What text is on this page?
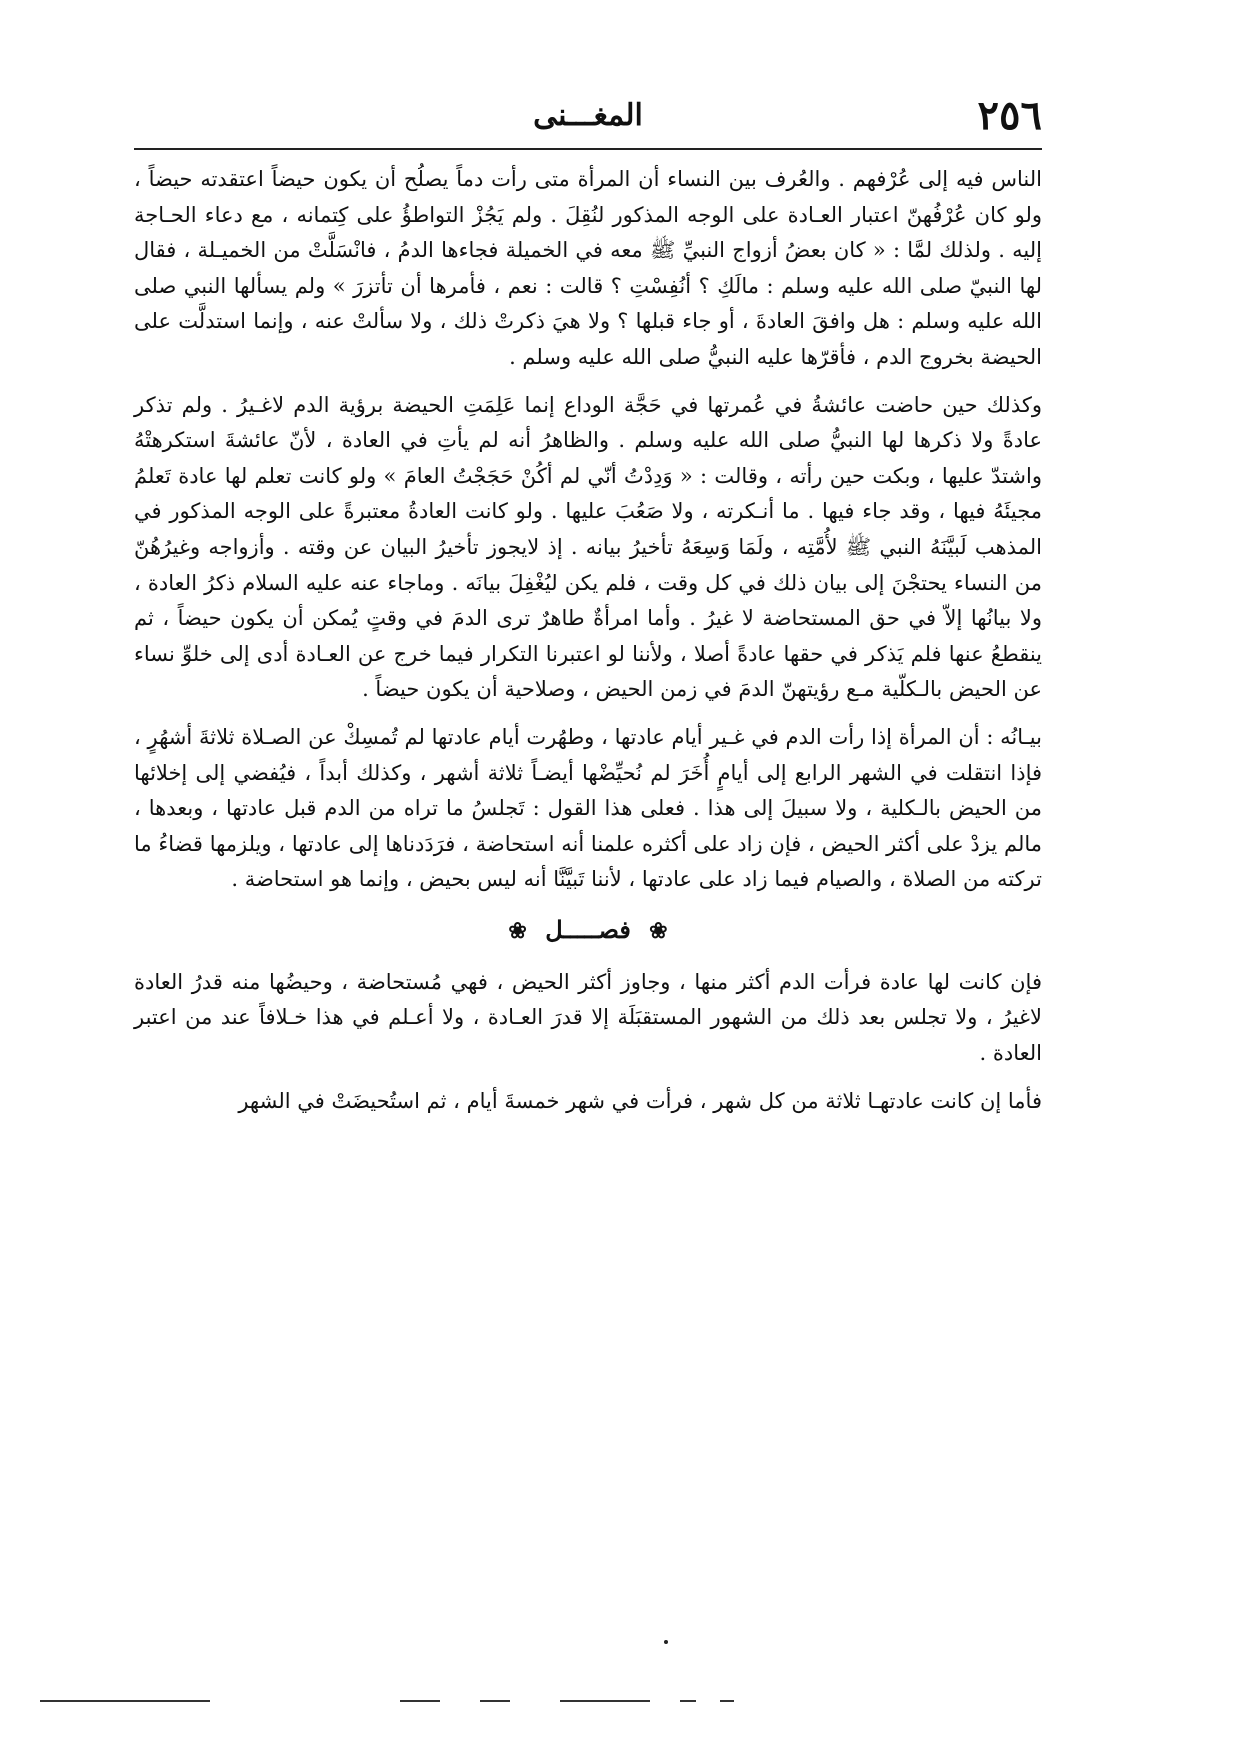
٢٥٦
المغـــنى

الناس فيه إلى عُرْفهم . والعُرف بين النساء أن المرأة متى رأت دماً يصلُح أن يكون حيضاً اعتقدته حيضاً ، ولو كان عُرْفُهنّ اعتبار العـادة على الوجه المذكور لنُقِلَ . ولم يَجُزْ التواطؤُ على كِتمانه ، مع دعاء الحـاجة إليه . ولذلك لمَّا : « كان بعضُ أزواج النبيِّ ﷺ معه في الخميلة فجاءها الدمُ ، فانْسَلَّتْ من الخميـلة ، فقال لها النبيّ صلى الله عليه وسلم : مالَكِ ؟ أنُفِسْتِ ؟ قالت : نعم ، فأمرها أن تأتزرَ » ولم يسألها النبي صلى الله عليه وسلم : هل وافقَ العادةَ ، أو جاء قبلها ؟ ولا هيَ ذكرتْ ذلك ، ولا سألتْ عنه ، وإنما استدلَّت على الحيضة بخروج الدم ، فأقرّها عليه النبيُّ صلى الله عليه وسلم .

وكذلك حين حاضت عائشةُ في عُمرتها في حَجَّة الوداع إنما عَلِمَتِ الحيضة برؤية الدم لاغـيرُ . ولم تذكر عادةً ولا ذكرها لها النبيُّ صلى الله عليه وسلم . والظاهرُ أنه لم يأتِ في العادة ، لأنّ عائشةَ استكرهتْهُ واشتدّ عليها ، وبكت حين رأته ، وقالت : « وَدِدْتُ أنّي لم أكُنْ حَجَجْتُ العامَ » ولو كانت تعلم لها عادة تَعلمُ مجيئَهُ فيها ، وقد جاء فيها . ما أنـكرته ، ولا صَعُبَ عليها . ولو كانت العادةُ معتبرةً على الوجه المذكور في المذهب لَبيَّنَهُ النبي ﷺ لأُمَّتِه ، ولَمَا وَسِعَهُ تأخيرُ بيانه . إذ لايجوز تأخيرُ البيان عن وقته . وأزواجه وغيرُهُنّ من النساء يحتجْنَ إلى بيان ذلك في كل وقت ، فلم يكن ليُغْفِلَ بيانَه . وماجاء عنه عليه السلام ذكرُ العادة ، ولا بيانُها إلاّ في حق المستحاضة لا غيرُ . وأما امرأةٌ طاهرٌ ترى الدمَ في وقتٍ يُمكن أن يكون حيضاً ، ثم ينقطعُ عنها فلم يَذكر في حقها عادةً أصلا ، ولأننا لو اعتبرنا التكرار فيما خرج عن العـادة أدى إلى خلوِّ نساء عن الحيض بالـكلّية مـع رؤيتهنّ الدمَ في زمن الحيض ، وصلاحية أن يكون حيضاً .

بيـانُه : أن المرأة إذا رأت الدم في غـير أيام عادتها ، وطهُرت أيام عادتها لم تُمسِكْ عن الصـلاة ثلاثةَ أشهُرٍ ، فإذا انتقلت في الشهر الرابع إلى أيامٍ أُخَرَ لم نُحيِّضْها أيضـاً ثلاثة أشهر ، وكذلك أبداً ، فيُفضي إلى إخلائها من الحيض بالـكلية ، ولا سبيلَ إلى هذا . فعلى هذا القول : تَجلسُ ما تراه من الدم قبل عادتها ، وبعدها ، مالم يزدْ على أكثر الحيض ، فإن زاد على أكثره علمنا أنه استحاضة ، فرَدَدناها إلى عادتها ، ويلزمها قضاءُ ما تركته من الصلاة ، والصيام فيما زاد على عادتها ، لأننا تَبيَّنَّا أنه ليس بحيض ، وإنما هو استحاضة .

❀ فصـــــل ❀

فإن كانت لها عادة فرأت الدم أكثر منها ، وجاوز أكثر الحيض ، فهي مُستحاضة ، وحيضُها منه قدرُ العادة لاغيرُ ، ولا تجلس بعد ذلك من الشهور المستقبَلَة إلا قدرَ العـادة ، ولا أعـلم في هذا خـلافاً عند من اعتبر العادة .

فأما إن كانت عادتهـا ثلاثة من كل شهر ، فرأت في شهر خمسةَ أيام ، ثم استُحيضَتْ في الشهر
